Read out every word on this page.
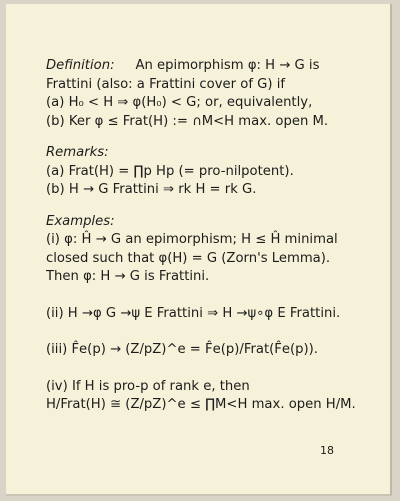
Definition: An epimorphism φ: H → G is
Frattini (also: a Frattini cover of G) if
(a) H₀ < H ⇒ φ(H₀) < G; or, equivalently,
(b) Ker φ ≤ Frat(H) := ∩M<H max. open M.
Remarks:
(a) Frat(H) = ∏p Hp (= pro-nilpotent).
(b) H → G Frattini ⇒ rk H = rk G.
Examples:
(i) φ: Ĥ → G an epimorphism; H ≤ Ĥ minimal
closed such that φ(H) = G (Zorn's Lemma).
Then φ: H → G is Frattini.
(ii) H →φ G →ψ E Frattini ⇒ H →ψ∘φ E Frattini.
(iii) F̂e(p) → (Z/pZ)^e = F̂e(p)/Frat(F̂e(p)).
(iv) If H is pro-p of rank e, then
H/Frat(H) ≅ (Z/pZ)^e ≤ ∏M<H max. open H/M.
18
